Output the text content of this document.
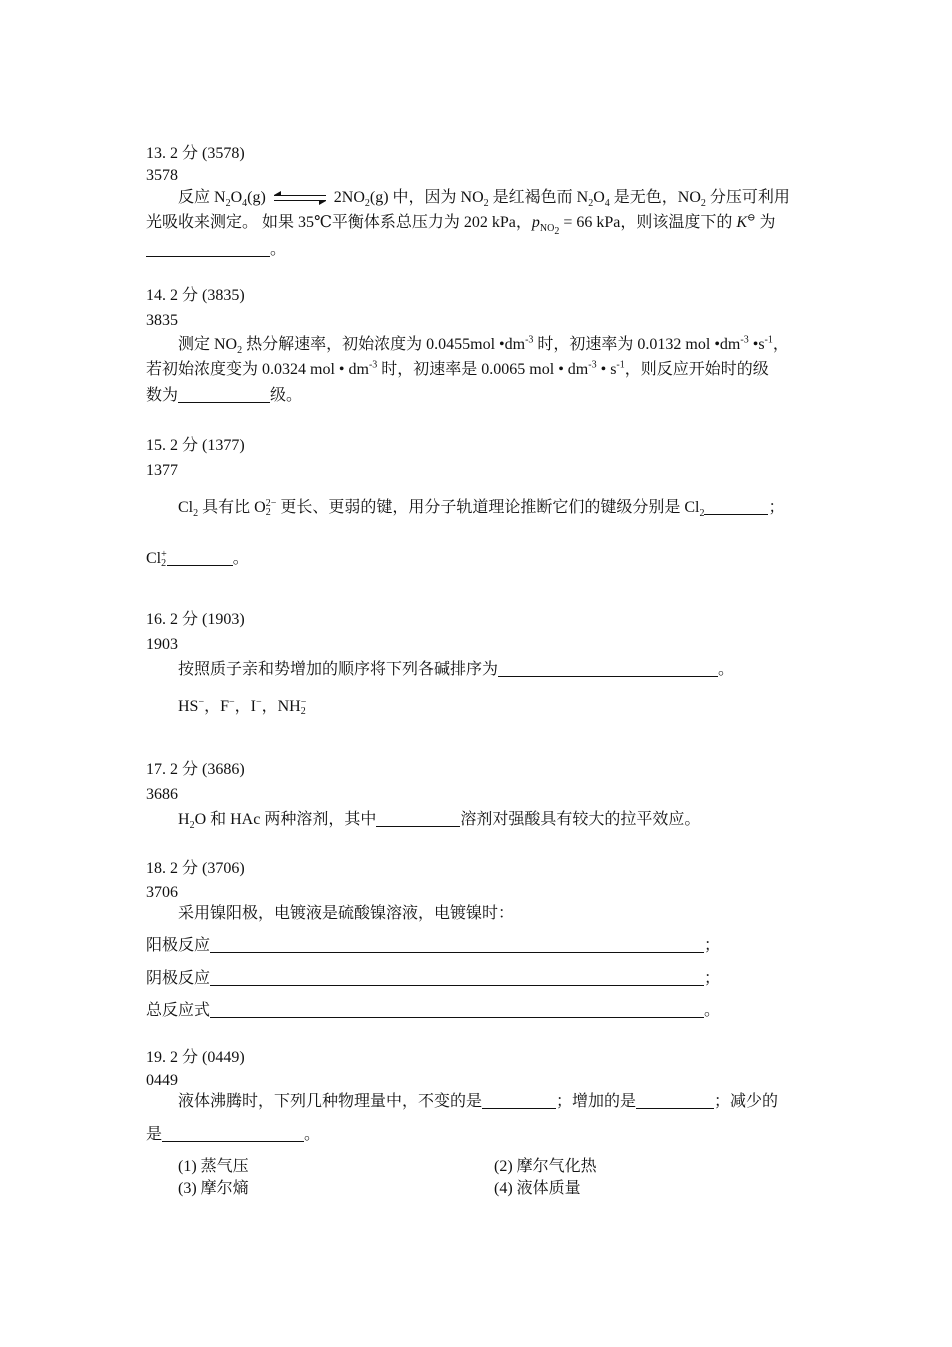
13. 2 分 (3578)
3578
反应 $N_2O_4(g)$	$2NO_2(g)$ 中，因为 $NO_2$ 是红褐色而 $N_2O_4$ 是无色，$NO_2$ 分压可利用
光吸收来测定。 如果 35℃平衡体系总压力为 202 kPa，$p_{NO_2} = 66$ kPa，则该温度下的 K⊖ 为
。
14. 2 分 (3835)
3835
测定 $NO_2$ 热分解速率，初始浓度为 0.0455mol $•dm^{-3}$ 时，初速率为 0.0132 mol $•dm^{-3}$ $•s^{-1}$，
若初始浓度变为 0.0324 mol • $dm^{-3}$ 时，初速率是 0.0065 mol • $dm^{-3}$ • $s^{-1}$，则反应开始时的级
数为	级。
15. 2 分 (1377)
1377
$Cl_2$ 具有比 O2−
2 更长、更弱的键，用分子轨道理论推断它们的键级分别是 $Cl_2$	；
Cl+
2	。
16. 2 分 (1903)
1903
按照质子亲和势增加的顺序将下列各碱排序为	。
HS−，F−，I−，NH−
2
17. 2 分 (3686)
3686
$H_2O$ 和 HAc 两种溶剂，其中	溶剂对强酸具有较大的拉平效应。
18. 2 分 (3706)
3706
采用镍阳极，电镀液是硫酸镍溶液，电镀镍时：
阳极反应	；
阴极反应	；
总反应式	。
19. 2 分 (0449)
0449
液体沸腾时，下列几种物理量中，不变的是	；增加的是	；减少的
是	。
(1) 蒸气压	(2) 摩尔气化热
(3) 摩尔熵	(4) 液体质量
